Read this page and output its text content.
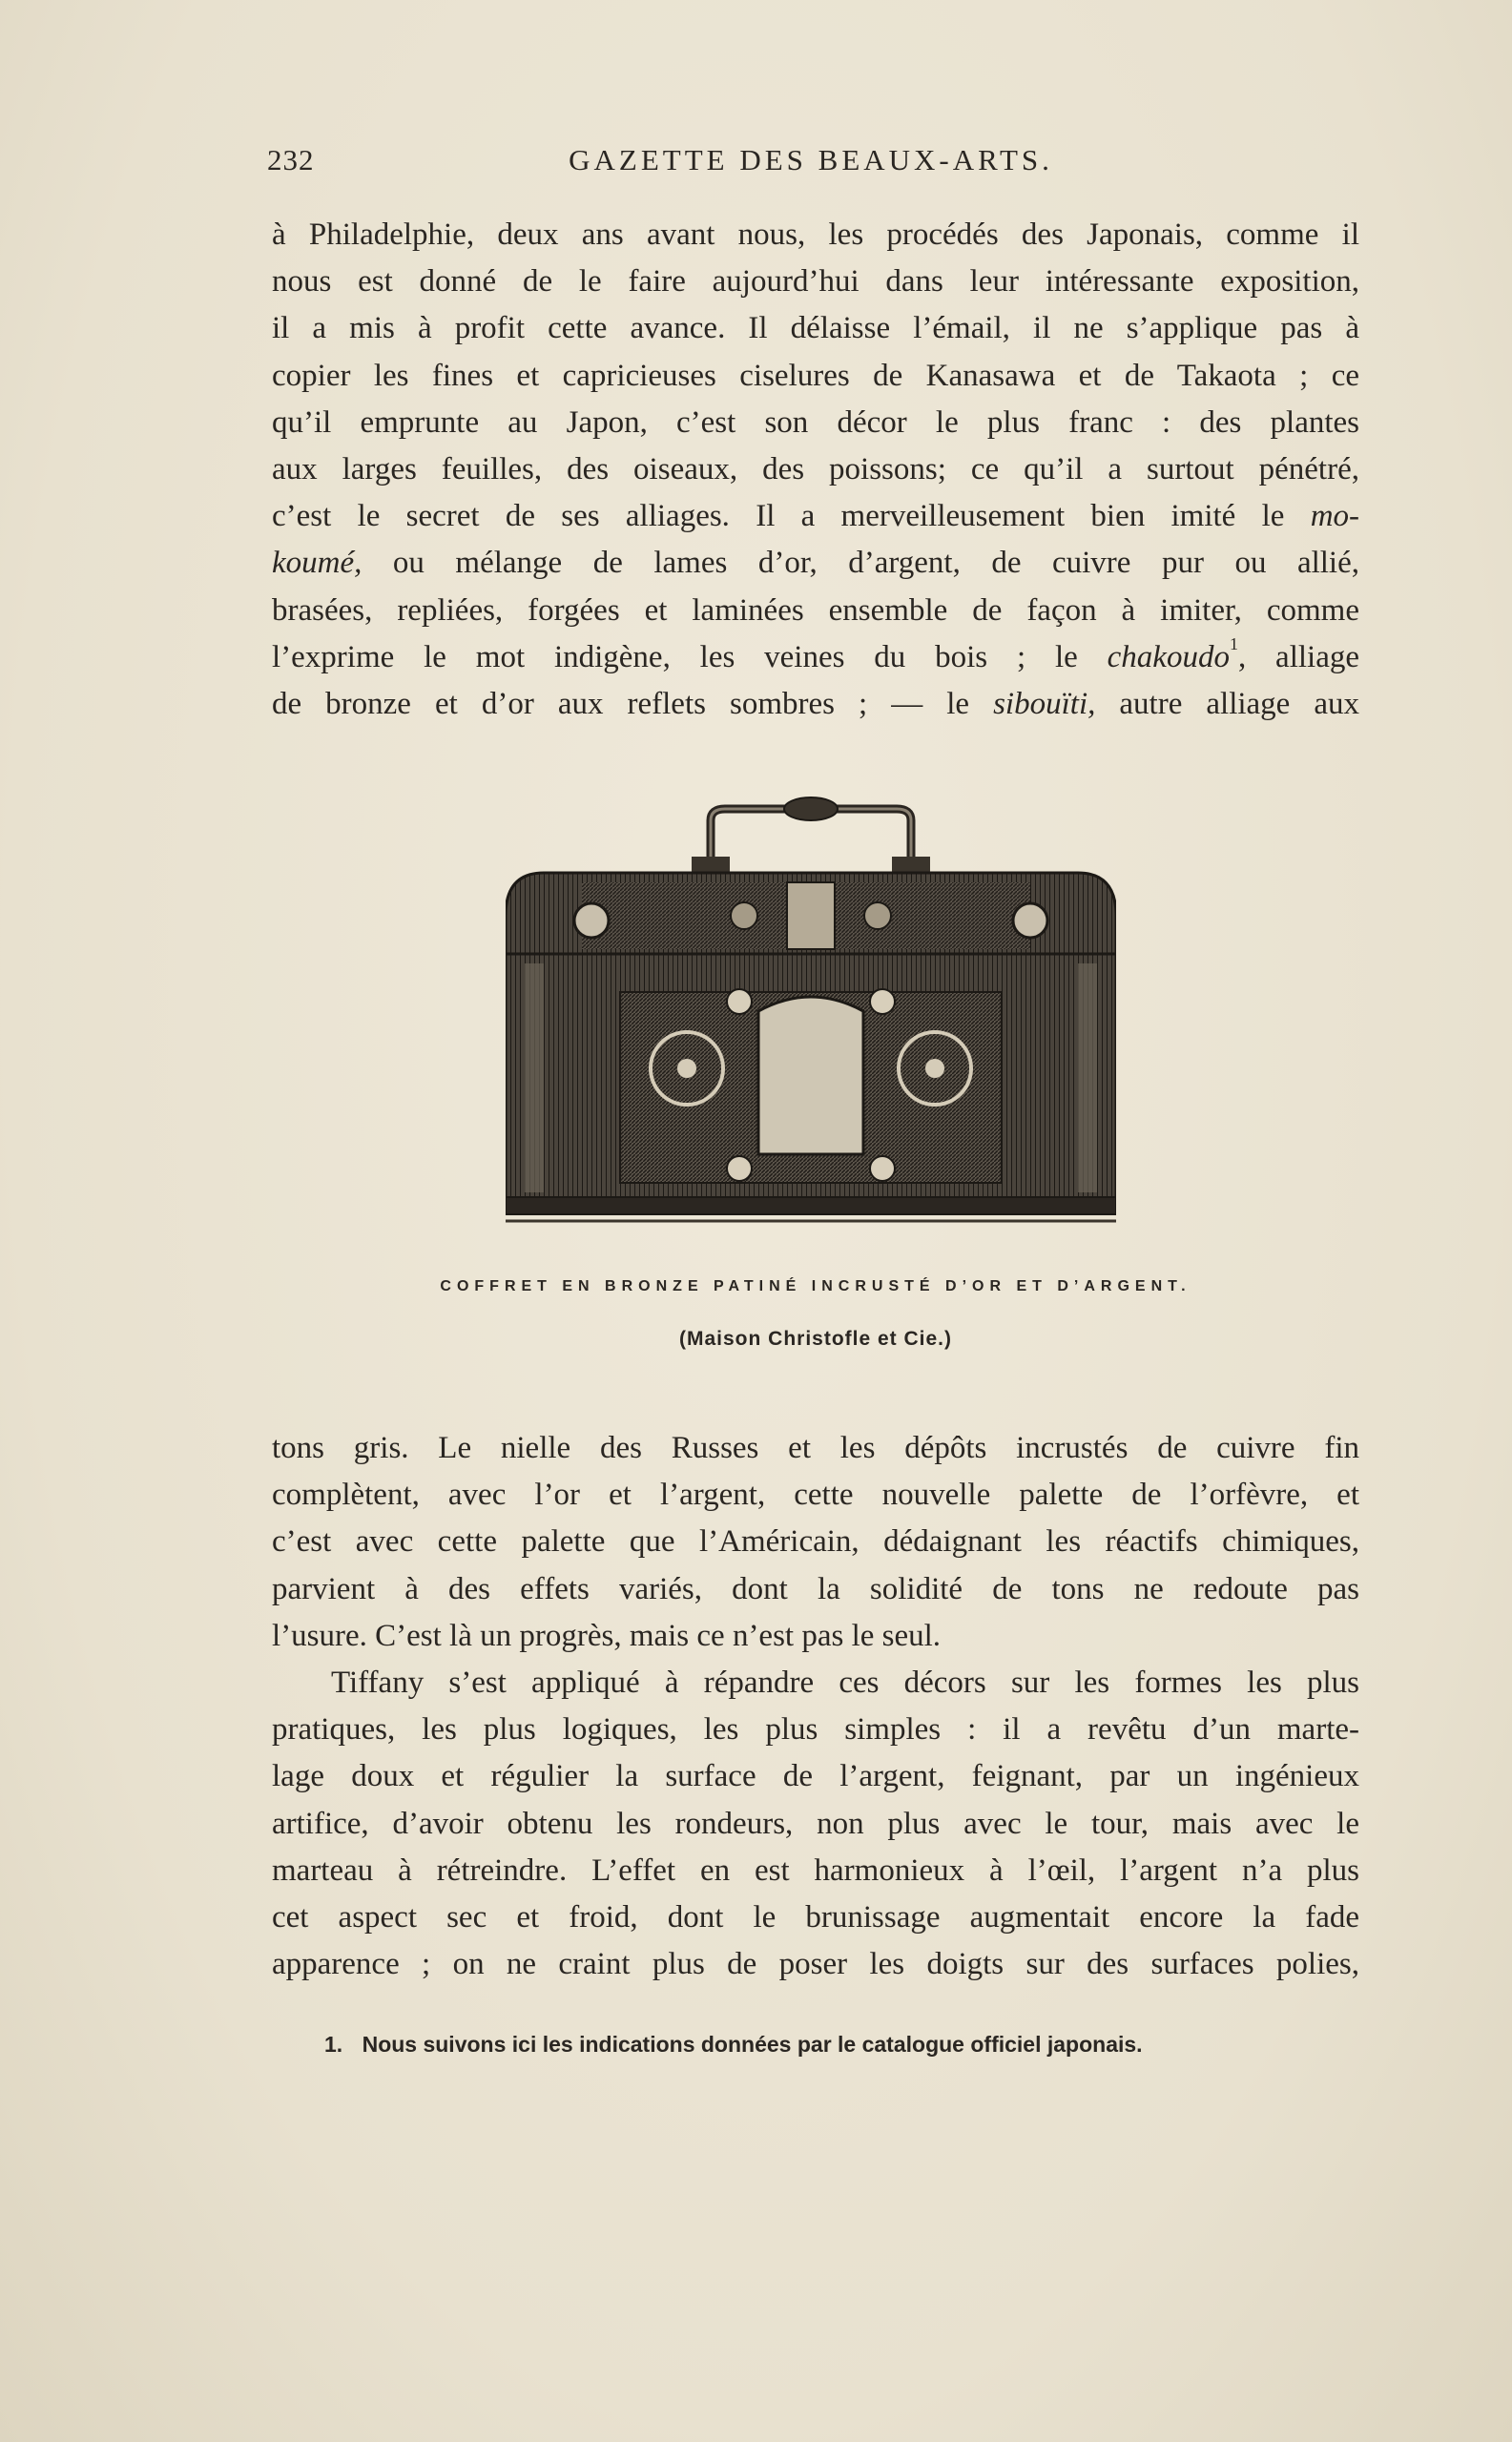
232	GAZETTE DES BEAUX-ARTS.
à Philadelphie, deux ans avant nous, les procédés des Japonais, comme il
nous est donné de le faire aujourd’hui dans leur intéressante exposition,
il a mis à profit cette avance. Il délaisse l’émail, il ne s’applique pas à
copier les fines et capricieuses ciselures de Kanasawa et de Takaota ; ce
qu’il emprunte au Japon, c’est son décor le plus franc : des plantes
aux larges feuilles, des oiseaux, des poissons; ce qu’il a surtout pénétré,
c’est le secret de ses alliages. Il a merveilleusement bien imité le mo-
koumé, ou mélange de lames d’or, d’argent, de cuivre pur ou allié,
brasées, repliées, forgées et laminées ensemble de façon à imiter, comme
l’exprime le mot indigène, les veines du bois ; le chakoudo$^1$, alliage
de bronze et d’or aux reflets sombres ; — le sibouïti, autre alliage aux
COFFRET EN BRONZE PATINÉ INCRUSTÉ D’OR ET D’ARGENT.
(Maison Christofle et Cie.)
tons gris. Le nielle des Russes et les dépôts incrustés de cuivre fin
complètent, avec l’or et l’argent, cette nouvelle palette de l’orfèvre, et
c’est avec cette palette que l’Américain, dédaignant les réactifs chimiques,
parvient à des effets variés, dont la solidité de tons ne redoute pas
l’usure. C’est là un progrès, mais ce n’est pas le seul.
Tiffany s’est appliqué à répandre ces décors sur les formes les plus
pratiques, les plus logiques, les plus simples : il a revêtu d’un marte-
lage doux et régulier la surface de l’argent, feignant, par un ingénieux
artifice, d’avoir obtenu les rondeurs, non plus avec le tour, mais avec le
marteau à rétreindre. L’effet en est harmonieux à l’œil, l’argent n’a plus
cet aspect sec et froid, dont le brunissage augmentait encore la fade
apparence ; on ne craint plus de poser les doigts sur des surfaces polies,
1. Nous suivons ici les indications données par le catalogue officiel japonais.
